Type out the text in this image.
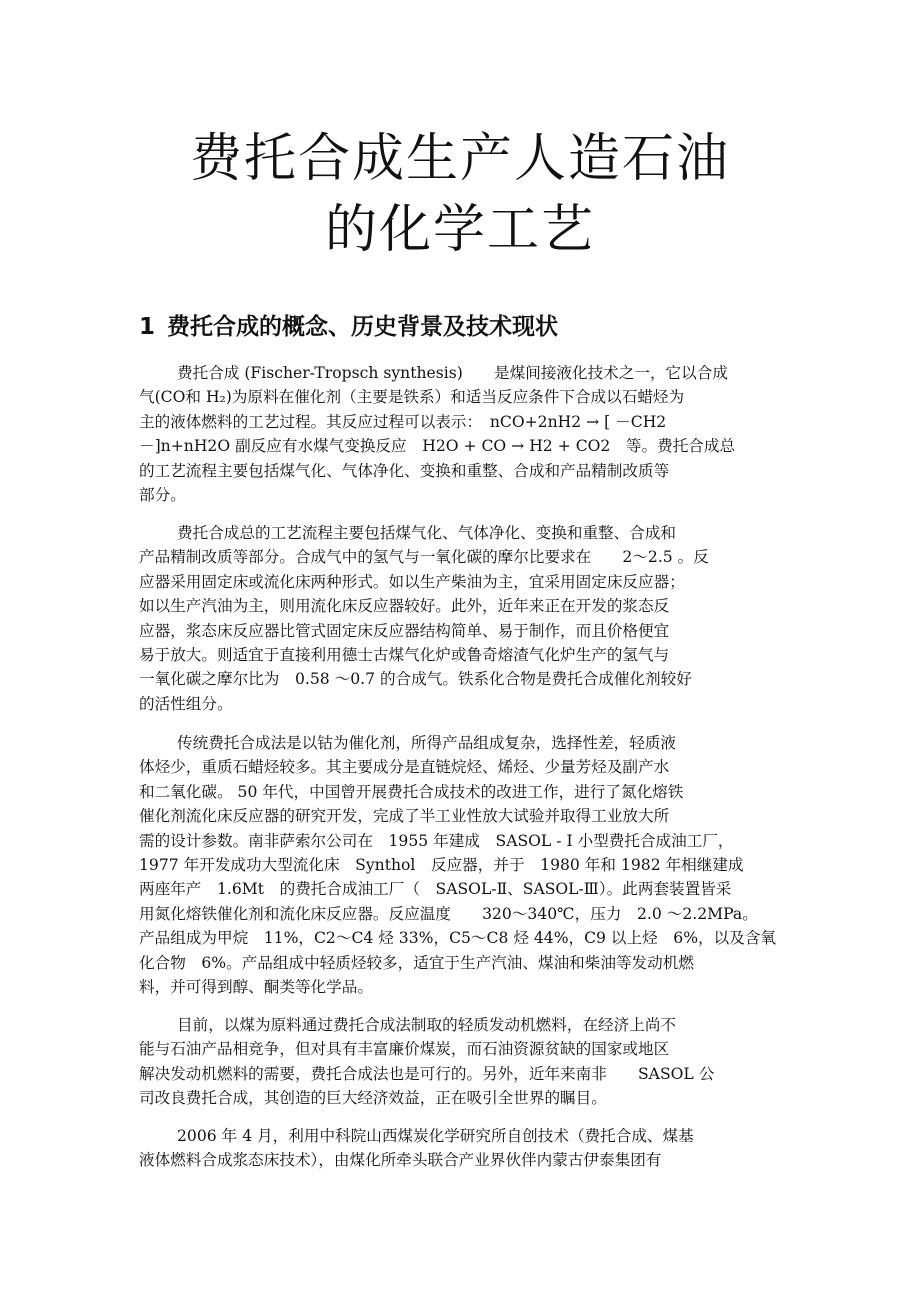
费托合成生产人造石油
的化学工艺
1 费托合成的概念、历史背景及技术现状
费托合成 (Fischer-Tropsch synthesis)　　是煤间接液化技术之一，它以合成
气(CO和 H₂)为原料在催化剂（主要是铁系）和适当反应条件下合成以石蜡烃为
主的液体燃料的工艺过程。其反应过程可以表示：　nCO+2nH2 → [ －CH2
－]n+nH2O 副反应有水煤气变换反应　H2O + CO → H2 + CO2　等。费托合成总
的工艺流程主要包括煤气化、气体净化、变换和重整、合成和产品精制改质等
部分。
费托合成总的工艺流程主要包括煤气化、气体净化、变换和重整、合成和
产品精制改质等部分。合成气中的氢气与一氧化碳的摩尔比要求在　　2～2.5 。反
应器采用固定床或流化床两种形式。如以生产柴油为主，宜采用固定床反应器；
如以生产汽油为主，则用流化床反应器较好。此外，近年来正在开发的浆态反
应器，浆态床反应器比管式固定床反应器结构简单、易于制作，而且价格便宜
易于放大。则适宜于直接利用德士古煤气化炉或鲁奇熔渣气化炉生产的氢气与
一氧化碳之摩尔比为　0.58 ～0.7 的合成气。铁系化合物是费托合成催化剂较好
的活性组分。
传统费托合成法是以钴为催化剂，所得产品组成复杂，选择性差，轻质液
体烃少，重质石蜡烃较多。其主要成分是直链烷烃、烯烃、少量芳烃及副产水
和二氧化碳。 50 年代，中国曾开展费托合成技术的改进工作，进行了氮化熔铁
催化剂流化床反应器的研究开发，完成了半工业性放大试验并取得工业放大所
需的设计参数。南非萨索尔公司在　1955 年建成　SASOL - Ⅰ 小型费托合成油工厂，
1977 年开发成功大型流化床　Synthol　反应器，并于　1980 年和 1982 年相继建成
两座年产　1.6Mt　的费托合成油工厂（　SASOL-Ⅱ、SASOL-Ⅲ）。此两套装置皆采
用氮化熔铁催化剂和流化床反应器。反应温度　　320～340℃，压力　2.0 ～2.2MPa。
产品组成为甲烷　11%，C2～C4 烃 33%，C5～C8 烃 44%，C9 以上烃　6%，以及含氧
化合物　6%。产品组成中轻质烃较多，适宜于生产汽油、煤油和柴油等发动机燃
料，并可得到醇、酮类等化学品。
目前，以煤为原料通过费托合成法制取的轻质发动机燃料，在经济上尚不
能与石油产品相竞争，但对具有丰富廉价煤炭，而石油资源贫缺的国家或地区
解决发动机燃料的需要，费托合成法也是可行的。另外，近年来南非　　SASOL 公
司改良费托合成，其创造的巨大经济效益，正在吸引全世界的瞩目。
2006 年 4 月，利用中科院山西煤炭化学研究所自创技术（费托合成、煤基
液体燃料合成浆态床技术），由煤化所牵头联合产业界伙伴内蒙古伊泰集团有
